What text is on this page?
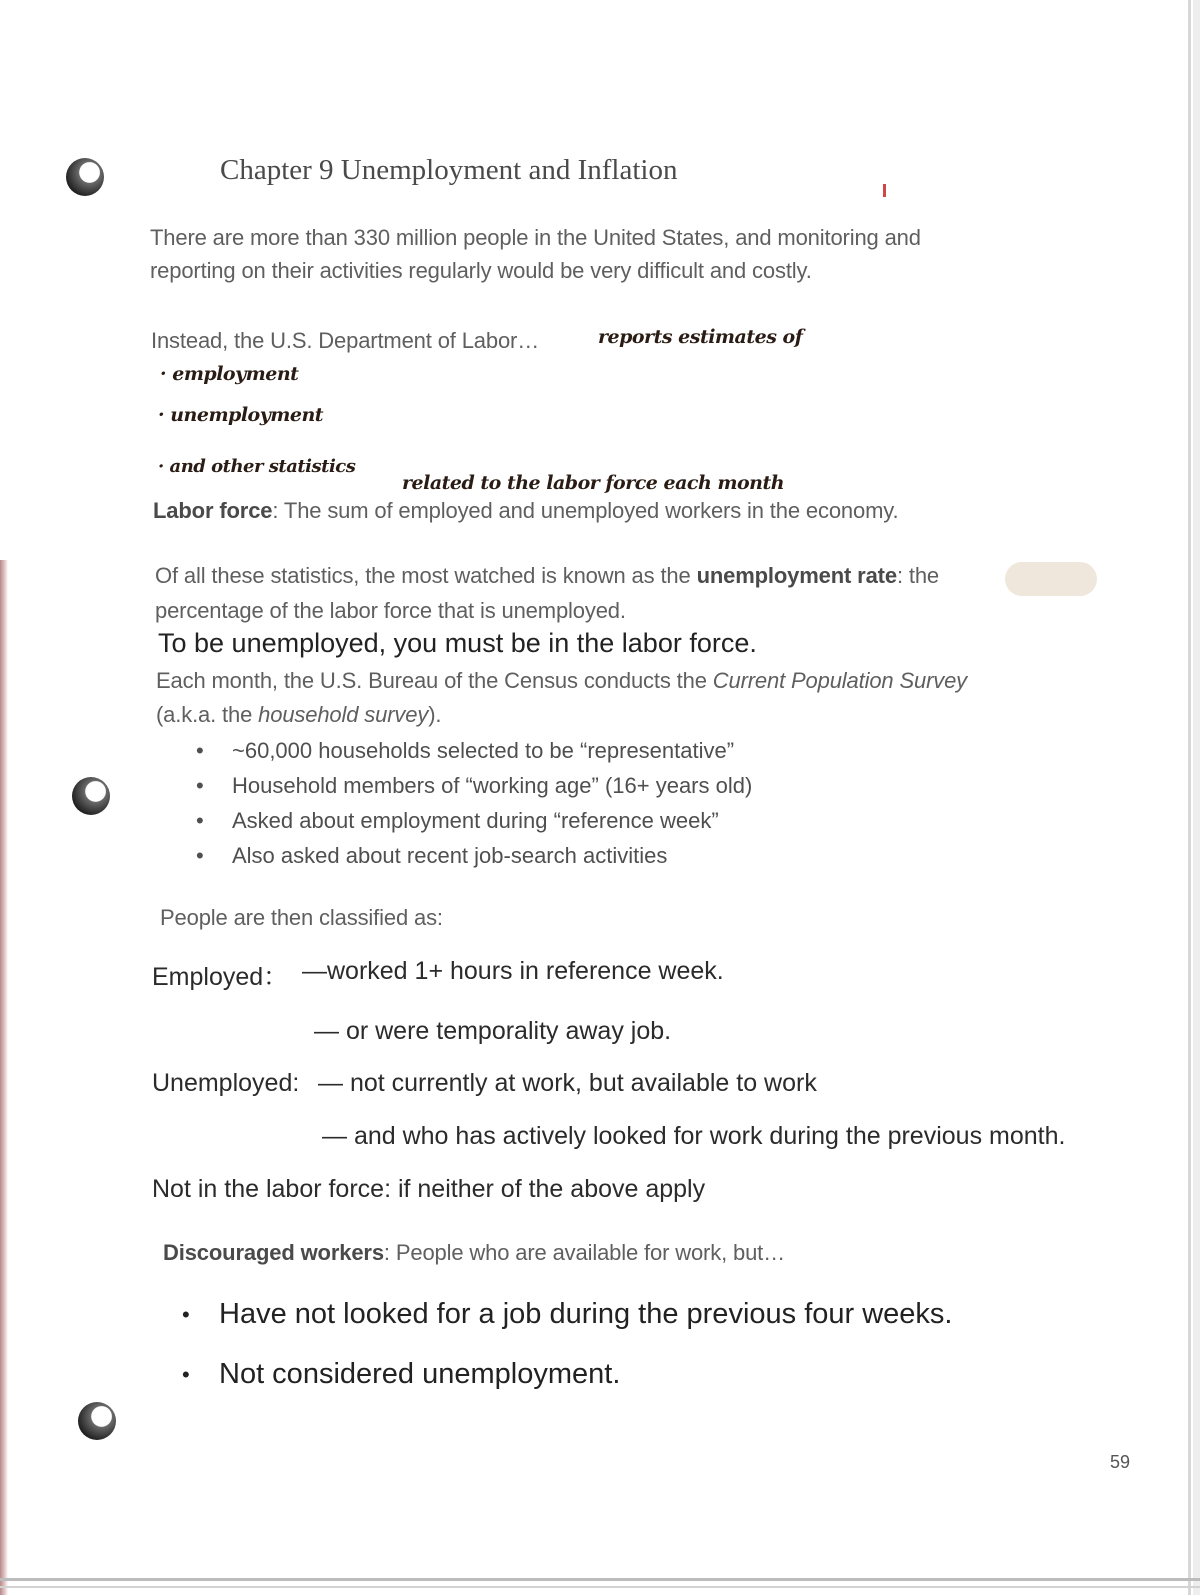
Chapter 9 Unemployment and Inflation

There are more than 330 million people in the United States, and monitoring and

reporting on their activities regularly would be very difficult and costly.

Instead, the U.S. Department of Labor…	reports estimates of
· employment
· unemployment
· and other statistics
related to the labor force each month

Labor force: The sum of employed and unemployed workers in the economy.

Of all these statistics, the most watched is known as the unemployment rate: the

percentage of the labor force that is unemployed.

To be unemployed, you must be in the labor force.

Each month, the U.S. Bureau of the Census conducts the Current Population Survey

(a.k.a. the household survey).

• ~60,000 households selected to be “representative”
• Household members of “working age” (16+ years old)
• Asked about employment during “reference week”
• Also asked about recent job-search activities

People are then classified as:

Employed： —worked 1+ hours in reference week.

— or were temporality away job.

Unemployed: — not currently at work, but available to work

— and who has actively looked for work during the previous month.

Not in the labor force: if neither of the above apply

Discouraged workers: People who are available for work, but…

• Have not looked for a job during the previous four weeks.
• Not considered unemployment.

59
